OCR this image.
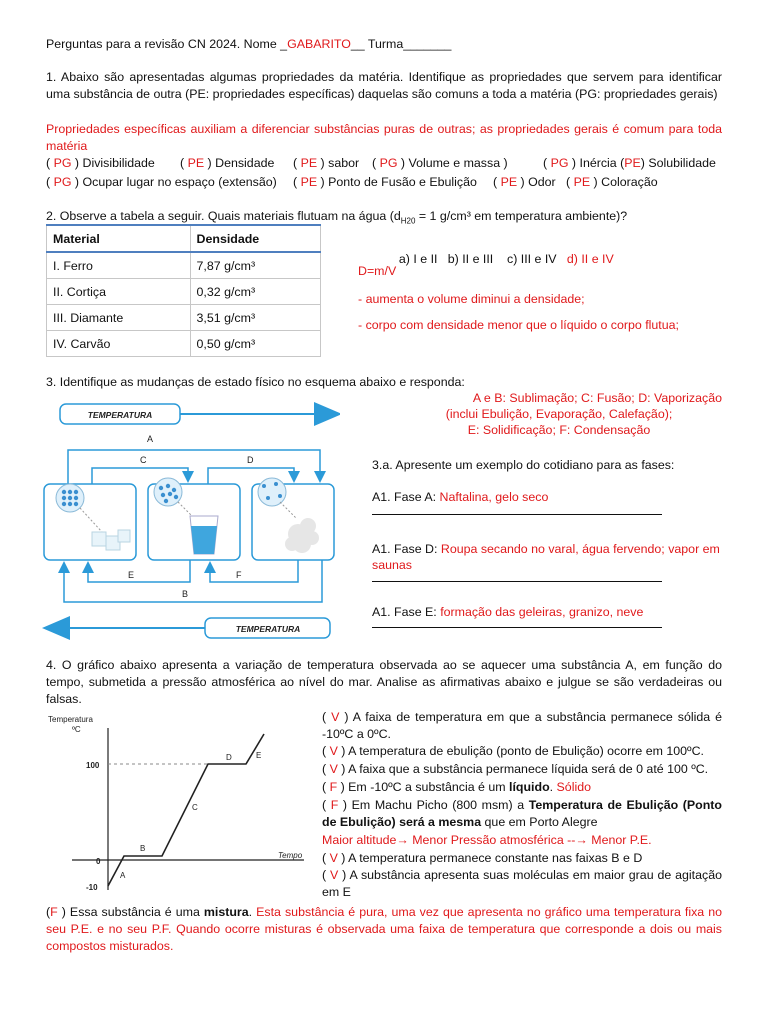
Perguntas para a revisão CN 2024. Nome _GABARITO__ Turma_______

1. Abaixo são apresentadas algumas propriedades da matéria. Identifique as propriedades que servem para identificar uma substância de outra (PE: propriedades específicas) daquelas são comuns a toda a matéria (PG: propriedades gerais)

Propriedades específicas auxiliam a diferenciar substâncias puras de outras; as propriedades gerais é comum para toda matéria

( PG ) Divisibilidade ( PE ) Densidade ( PE ) sabor ( PG ) Volume e massa )	( PG ) Inércia (PE) Solubilidade
( PG ) Ocupar lugar no espaço (extensão) ( PE ) Ponto de Fusão e Ebulição ( PE ) Odor ( PE ) Coloração
2. Observe a tabela a seguir. Quais materiais flutuam na água ($d_{H20} = 1$ g/cm³ em temperatura ambiente)?
Material	Densidade
I. Ferro	7,87 g/cm³
II. Cortiça	0,32 g/cm³
III. Diamante	3,51 g/cm³
IV. Carvão	0,50 g/cm³

a) I e II   b) II e III    c) III e IV d) II e IV

D=m/V
- aumenta o volume diminui a densidade;
- corpo com densidade menor que o líquido o corpo flutua;
3. Identifique as mudanças de estado físico no esquema abaixo e responda:
A e B: Sublimação; C: Fusão; D: Vaporização
(inclui Ebulição, Evaporação, Calefação);
E: Solidificação; F: Condensação
TEMPERATURA
TEMPERATURA
A
C	D
E	F
B
3.a. Apresente um exemplo do cotidiano para as fases:
A1. Fase A: Naftalina, gelo seco
A1. Fase D: Roupa secando no varal, água fervendo; vapor em saunas
A1. Fase E: formação das geleiras, granizo, neve

4. O gráfico abaixo apresenta a variação de temperatura observada ao se aquecer uma substância A, em função do tempo, submetida a pressão atmosférica ao nível do mar. Analise as afirmativas abaixo e julgue se são verdadeiras ou falsas.

Temperatura
ºC
Tempo
100
0
-10
A
B
C
D	E
( V ) A faixa de temperatura em que a substância permanece sólida é -10ºC a 0ºC.
( V ) A temperatura de ebulição (ponto de Ebulição) ocorre em 100ºC.
( V ) A faixa que a substância permanece líquida será de 0 até 100 ºC.
( F ) Em -10ºC a substância é um líquido. Sólido
( F ) Em Machu Picho (800 msm) a Temperatura de Ebulição (Ponto de Ebulição) será a mesma que em Porto Alegre
Maior altitude→ Menor Pressão atmosférica --→ Menor P.E.
( V ) A temperatura permanece constante nas faixas B e D
( V ) A substância apresenta suas moléculas em maior grau de agitação em E

(F ) Essa substância é uma mistura. Esta substância é pura, uma vez que apresenta no gráfico uma temperatura fixa no seu P.E. e no seu P.F. Quando ocorre misturas é observada uma faixa de temperatura que corresponde a dois ou mais compostos misturados.
